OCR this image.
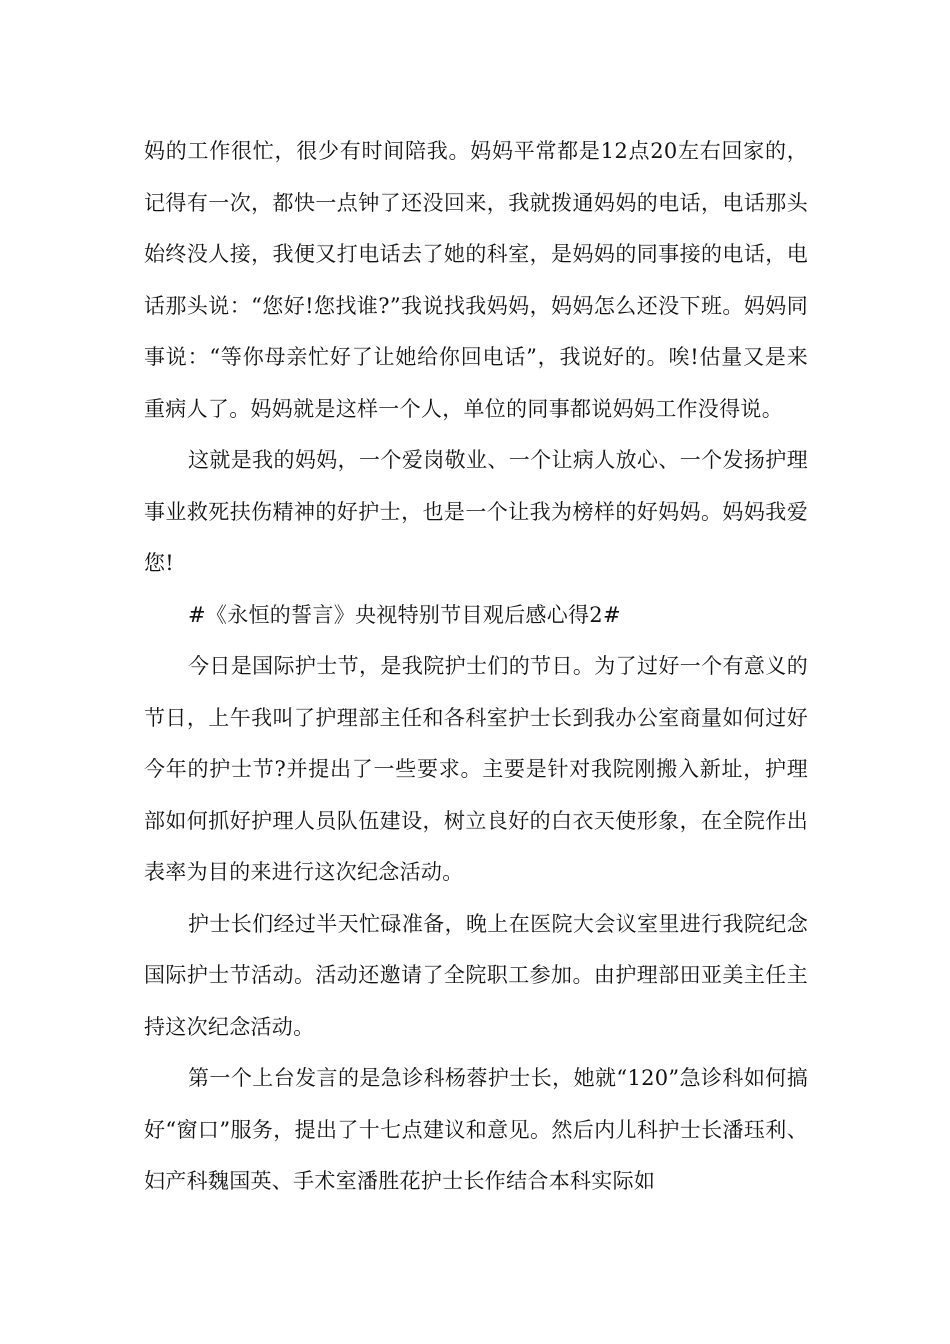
妈的工作很忙，很少有时间陪我。妈妈平常都是12点20左右回家的，记得有一次，都快一点钟了还没回来，我就拨通妈妈的电话，电话那头始终没人接，我便又打电话去了她的科室，是妈妈的同事接的电话，电话那头说：“您好!您找谁?”我说找我妈妈，妈妈怎么还没下班。妈妈同事说：“等你母亲忙好了让她给你回电话”，我说好的。唉!估量又是来重病人了。妈妈就是这样一个人，单位的同事都说妈妈工作没得说。

这就是我的妈妈，一个爱岗敬业、一个让病人放心、一个发扬护理事业救死扶伤精神的好护士，也是一个让我为榜样的好妈妈。妈妈我爱您!

#《永恒的誓言》央视特别节目观后感心得2#

今日是国际护士节，是我院护士们的节日。为了过好一个有意义的节日，上午我叫了护理部主任和各科室护士长到我办公室商量如何过好今年的护士节?并提出了一些要求。主要是针对我院刚搬入新址，护理部如何抓好护理人员队伍建设，树立良好的白衣天使形象，在全院作出表率为目的来进行这次纪念活动。

护士长们经过半天忙碌准备，晚上在医院大会议室里进行我院纪念国际护士节活动。活动还邀请了全院职工参加。由护理部田亚美主任主持这次纪念活动。

第一个上台发言的是急诊科杨蓉护士长，她就“120”急诊科如何搞好“窗口”服务，提出了十七点建议和意见。然后内儿科护士长潘珏利、妇产科魏国英、手术室潘胜花护士长作结合本科实际如
